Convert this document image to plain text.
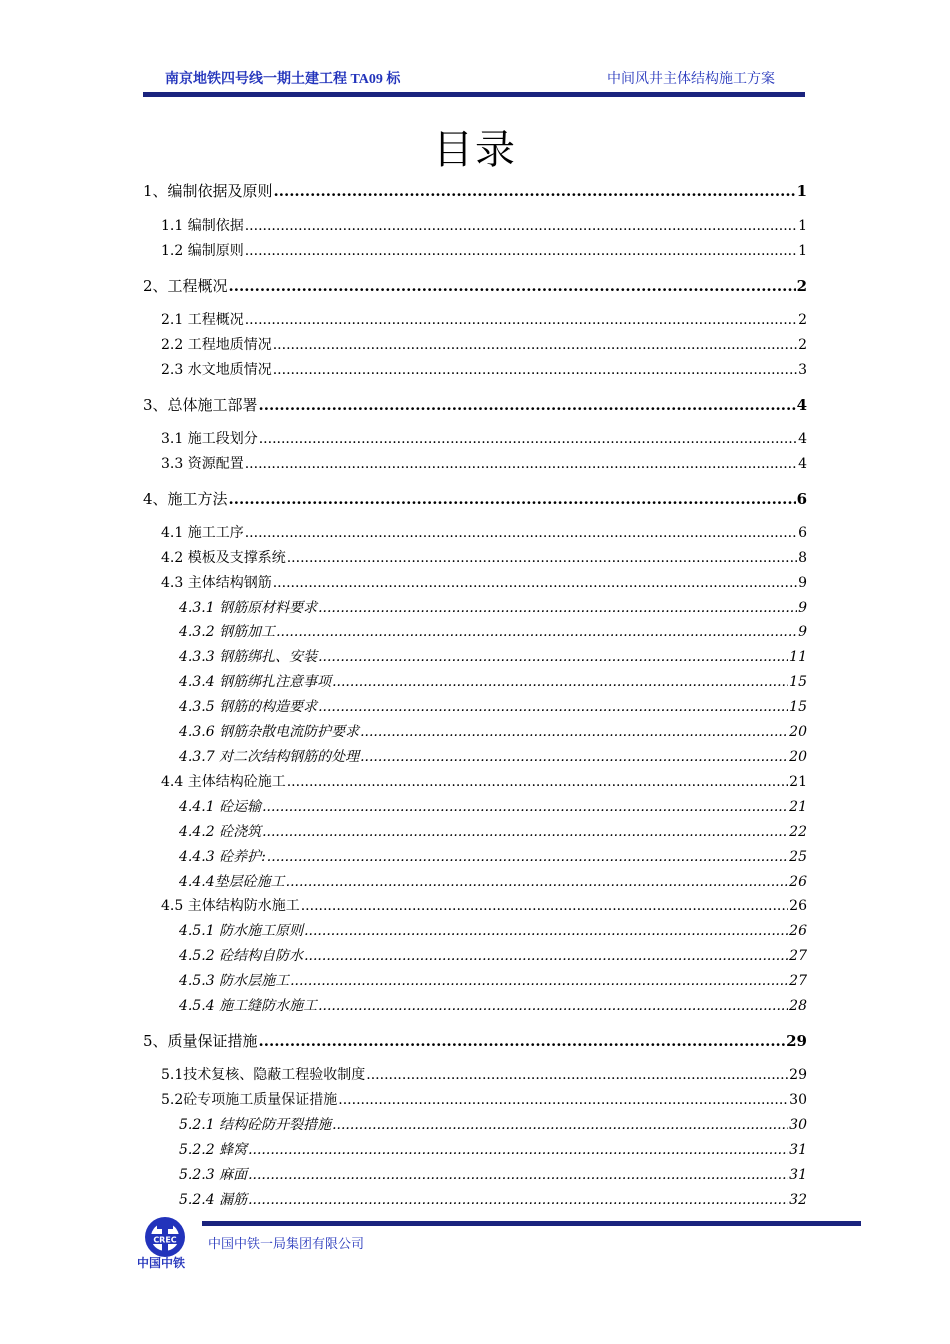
南京地铁四号线一期土建工程 TA09 标	中间风井主体结构施工方案
目录
1、编制依据及原则 .....	1
1.1 编制依据 .....	1
1.2 编制原则 .....	1
2、工程概况 .....	2
2.1 工程概况 .....	2
2.2 工程地质情况 .....	2
2.3 水文地质情况 .....	3
3、总体施工部署 .....	4
3.1 施工段划分 .....	4
3.3 资源配置 .....	4
4、施工方法 .....	6
4.1 施工工序 .....	6
4.2 模板及支撑系统 .....	8
4.3 主体结构钢筋 .....	9
4.3.1 钢筋原材料要求 .....	9
4.3.2 钢筋加工 .....	9
4.3.3 钢筋绑扎、安装 .....	11
4.3.4 钢筋绑扎注意事项 .....	15
4.3.5 钢筋的构造要求 .....	15
4.3.6 钢筋杂散电流防护要求 .....	20
4.3.7 对二次结构钢筋的处理 .....	20
4.4 主体结构砼施工 .....	21
4.4.1 砼运输 .....	21
4.4.2 砼浇筑 .....	22
4.4.3 砼养护: .....	25
4.4.4垫层砼施工 .....	26
4.5 主体结构防水施工 .....	26
4.5.1 防水施工原则 .....	26
4.5.2 砼结构自防水 .....	27
4.5.3 防水层施工 .....	27
4.5.4 施工缝防水施工 .....	28
5、质量保证措施 .....	29
5.1技术复核、隐蔽工程验收制度 .....	29
5.2砼专项施工质量保证措施 .....	30
5.2.1 结构砼防开裂措施 .....	30
5.2.2 蜂窝 .....	31
5.2.3 麻面 .....	31
5.2.4 漏筋 .....	32
CREC
中国中铁
中国中铁一局集团有限公司
